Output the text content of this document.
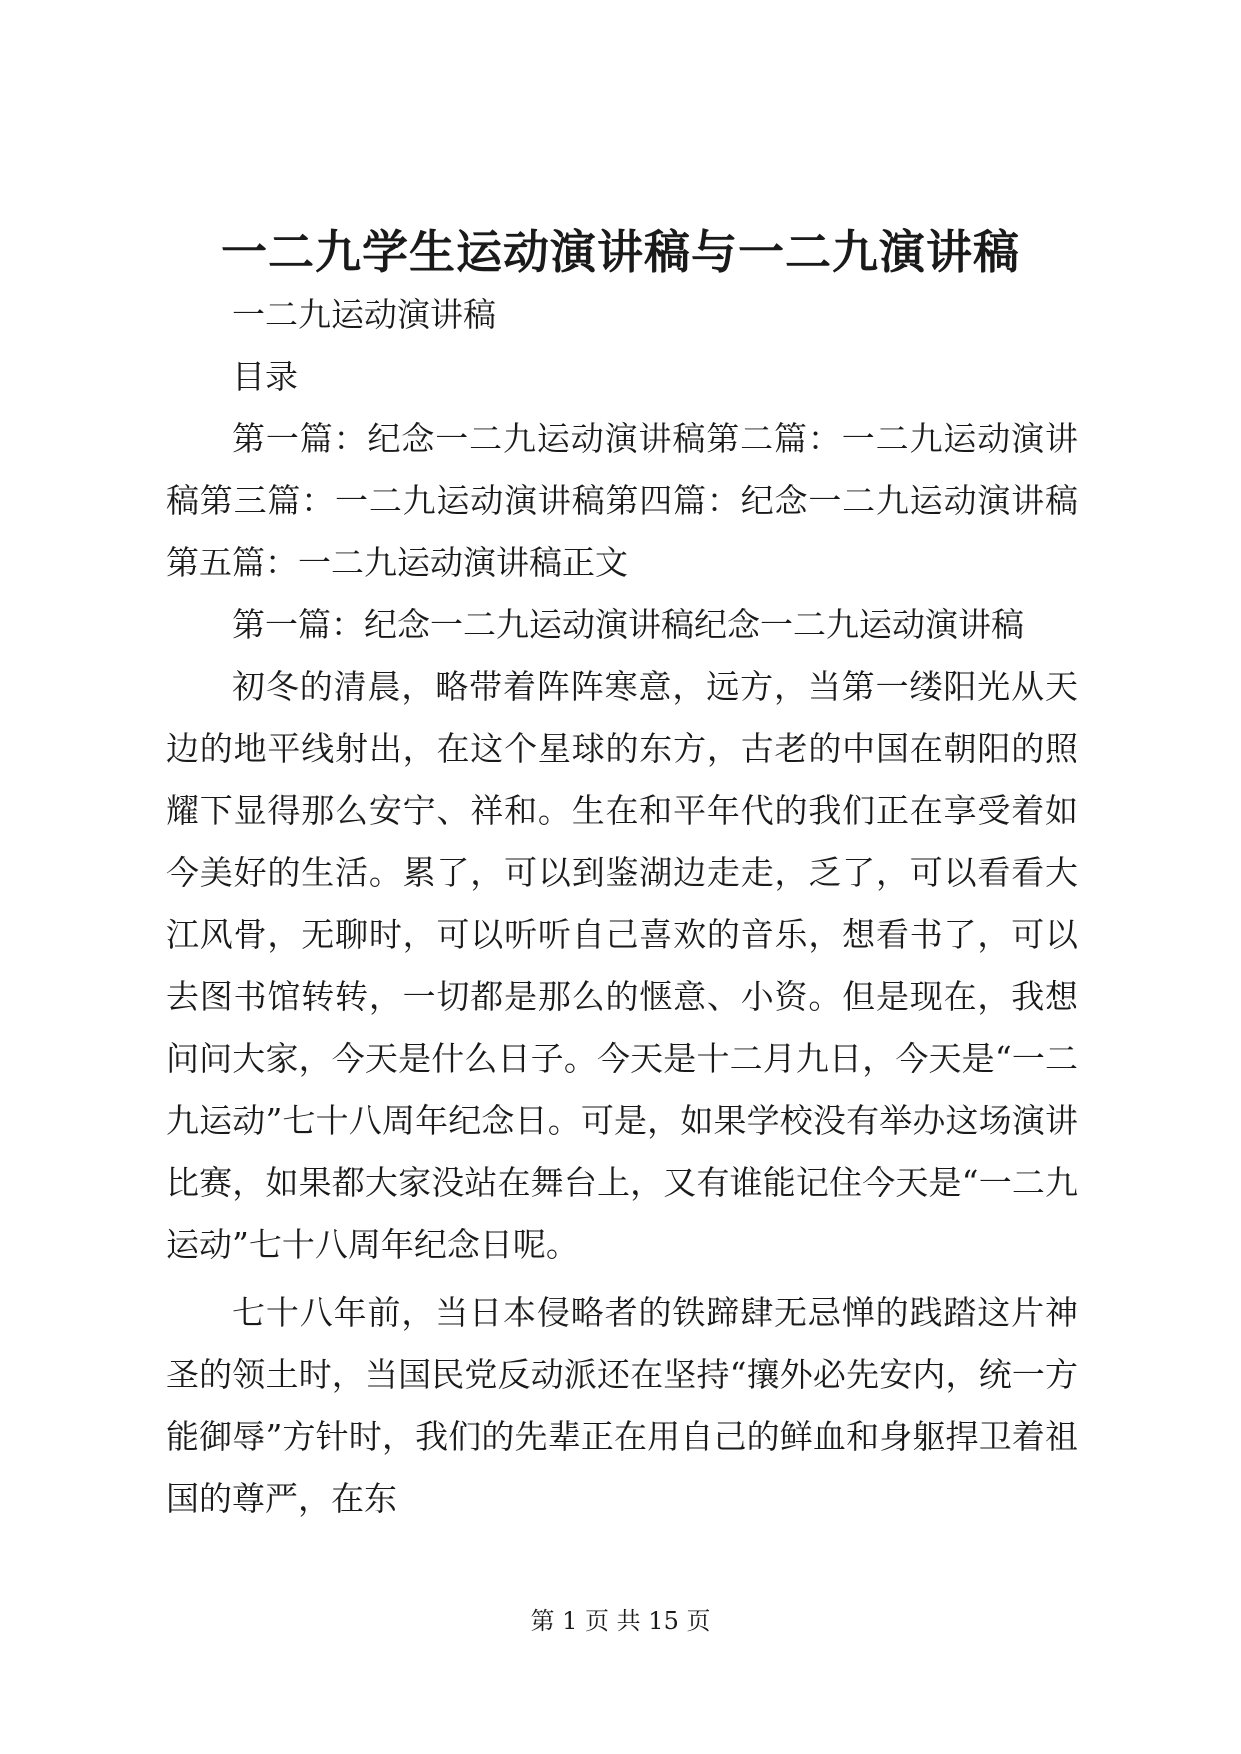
一二九学生运动演讲稿与一二九演讲稿

一二九运动演讲稿

目录

第一篇：纪念一二九运动演讲稿第二篇：一二九运动演讲稿第三篇：一二九运动演讲稿第四篇：纪念一二九运动演讲稿第五篇：一二九运动演讲稿正文

第一篇：纪念一二九运动演讲稿纪念一二九运动演讲稿

初冬的清晨，略带着阵阵寒意，远方，当第一缕阳光从天边的地平线射出，在这个星球的东方，古老的中国在朝阳的照耀下显得那么安宁、祥和。生在和平年代的我们正在享受着如今美好的生活。累了，可以到鉴湖边走走，乏了，可以看看大江风骨，无聊时，可以听听自己喜欢的音乐，想看书了，可以去图书馆转转，一切都是那么的惬意、小资。但是现在，我想问问大家，今天是什么日子。今天是十二月九日，今天是“一二九运动”七十八周年纪念日。可是，如果学校没有举办这场演讲比赛，如果都大家没站在舞台上，又有谁能记住今天是“一二九运动”七十八周年纪念日呢。

七十八年前，当日本侵略者的铁蹄肆无忌惮的践踏这片神圣的领土时，当国民党反动派还在坚持“攘外必先安内，统一方能御辱”方针时，我们的先辈正在用自己的鲜血和身躯捍卫着祖国的尊严，在东

第 1 页 共 15 页
